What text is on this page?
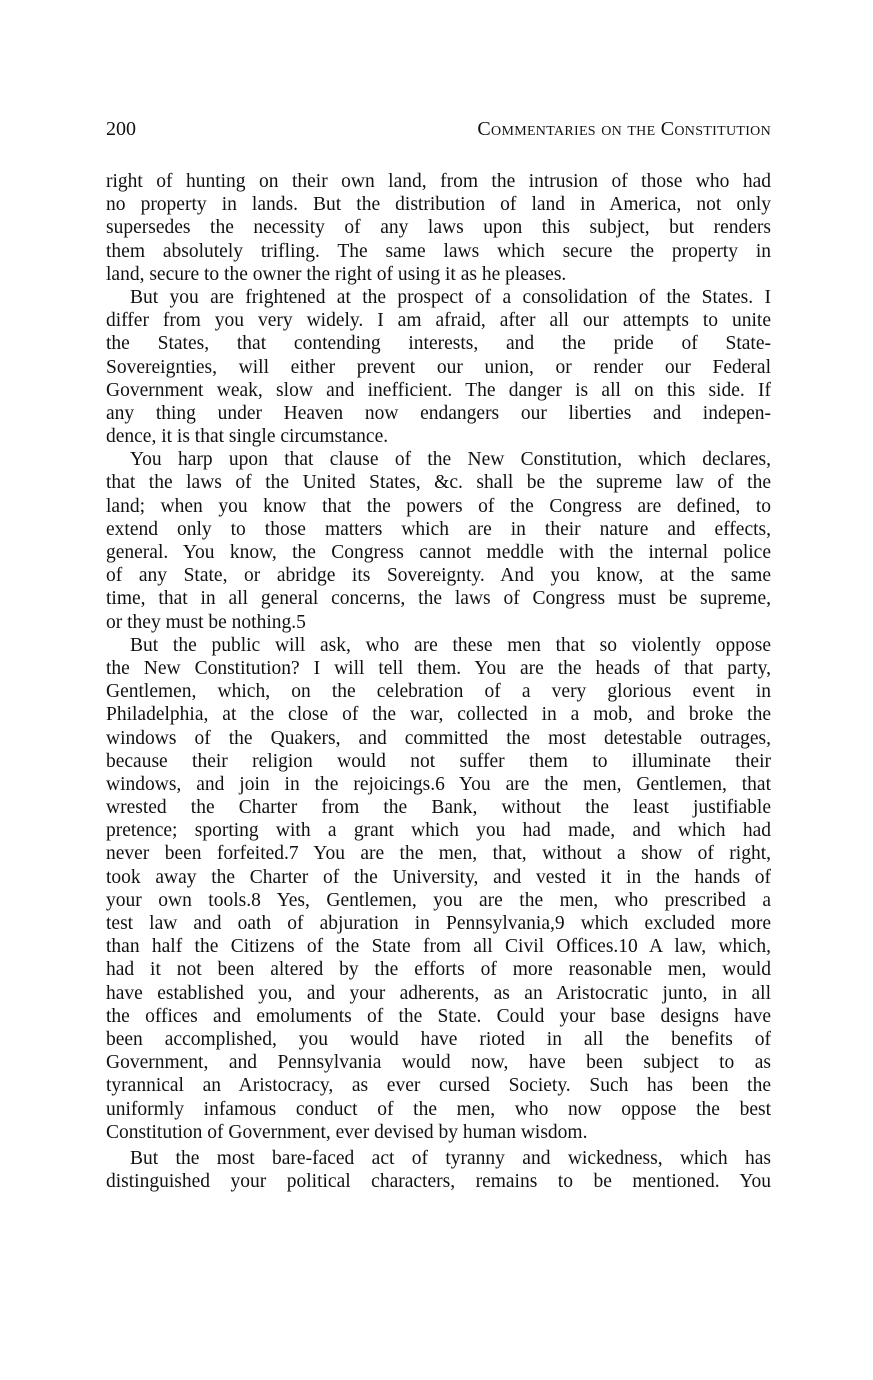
200	Commentaries on the Constitution
right of hunting on their own land, from the intrusion of those who had
no property in lands. But the distribution of land in America, not only
supersedes the necessity of any laws upon this subject, but renders
them absolutely trifling. The same laws which secure the property in
land, secure to the owner the right of using it as he pleases.
But you are frightened at the prospect of a consolidation of the States. I
differ from you very widely. I am afraid, after all our attempts to unite
the States, that contending interests, and the pride of State-
Sovereignties, will either prevent our union, or render our Federal
Government weak, slow and inefficient. The danger is all on this side. If
any thing under Heaven now endangers our liberties and indepen-
dence, it is that single circumstance.
You harp upon that clause of the New Constitution, which declares,
that the laws of the United States, &c. shall be the supreme law of the
land; when you know that the powers of the Congress are defined, to
extend only to those matters which are in their nature and effects,
general. You know, the Congress cannot meddle with the internal police
of any State, or abridge its Sovereignty. And you know, at the same
time, that in all general concerns, the laws of Congress must be supreme,
or they must be nothing.5
But the public will ask, who are these men that so violently oppose
the New Constitution? I will tell them. You are the heads of that party,
Gentlemen, which, on the celebration of a very glorious event in
Philadelphia, at the close of the war, collected in a mob, and broke the
windows of the Quakers, and committed the most detestable outrages,
because their religion would not suffer them to illuminate their
windows, and join in the rejoicings.6 You are the men, Gentlemen, that
wrested the Charter from the Bank, without the least justifiable
pretence; sporting with a grant which you had made, and which had
never been forfeited.7 You are the men, that, without a show of right,
took away the Charter of the University, and vested it in the hands of
your own tools.8 Yes, Gentlemen, you are the men, who prescribed a
test law and oath of abjuration in Pennsylvania,9 which excluded more
than half the Citizens of the State from all Civil Offices.10 A law, which,
had it not been altered by the efforts of more reasonable men, would
have established you, and your adherents, as an Aristocratic junto, in all
the offices and emoluments of the State. Could your base designs have
been accomplished, you would have rioted in all the benefits of
Government, and Pennsylvania would now, have been subject to as
tyrannical an Aristocracy, as ever cursed Society. Such has been the
uniformly infamous conduct of the men, who now oppose the best
Constitution of Government, ever devised by human wisdom.
But the most bare-faced act of tyranny and wickedness, which has
distinguished your political characters, remains to be mentioned. You
